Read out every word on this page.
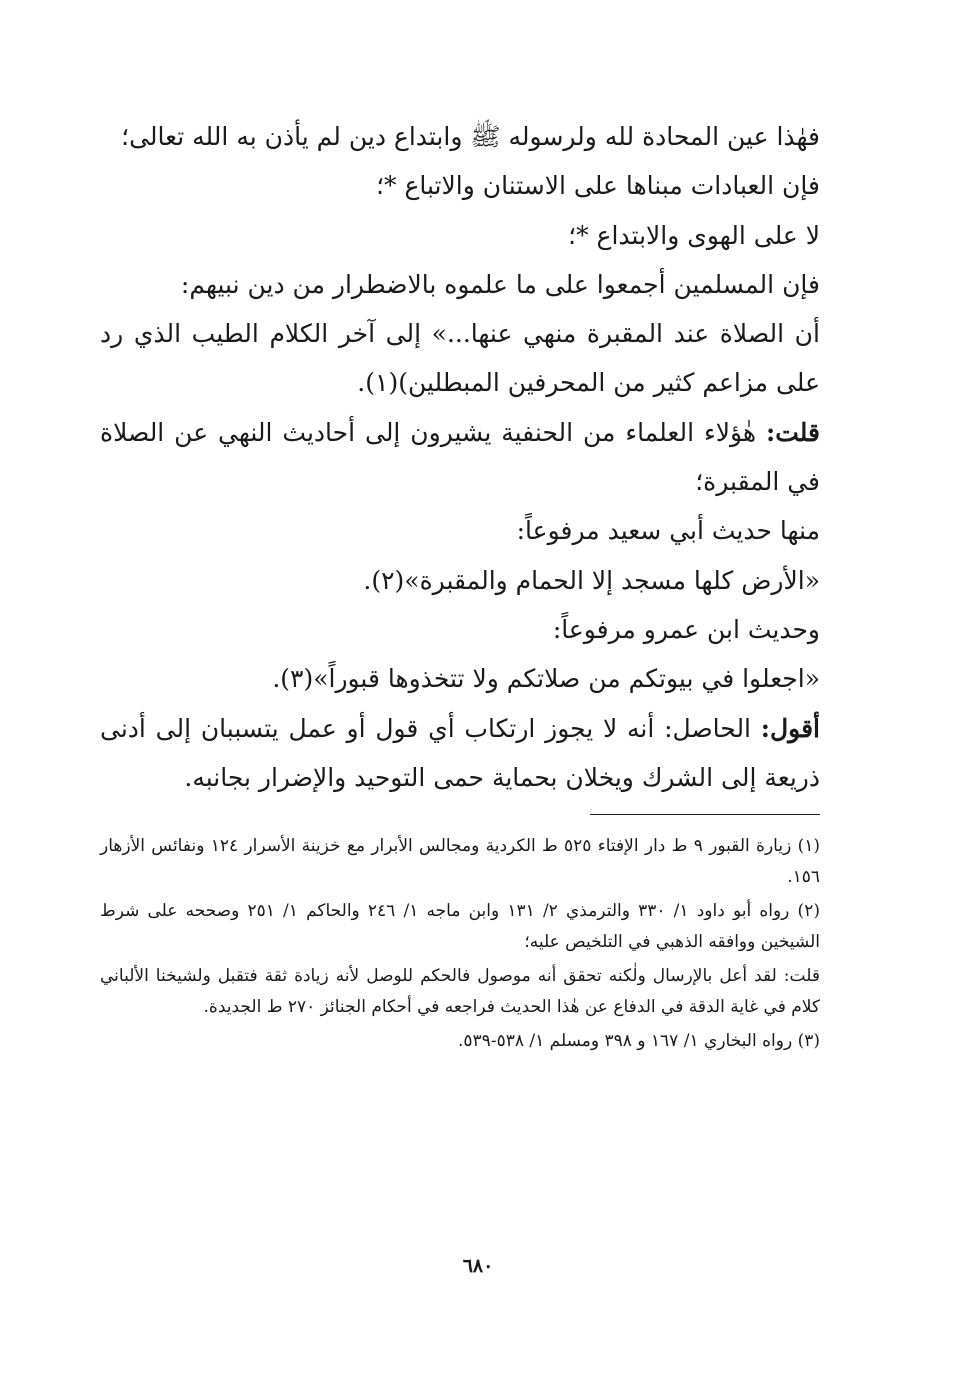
فهٰذا عين المحادة لله ولرسوله ﷺ وابتداع دين لم يأذن به الله تعالى؛

فإن العبادات مبناها على الاستنان والاتباع *؛

لا على الهوى والابتداع *؛

فإن المسلمين أجمعوا على ما علموه بالاضطرار من دين نبيهم:

أن الصلاة عند المقبرة منهي عنها...» إلى آخر الكلام الطيب الذي رد على مزاعم كثير من المحرفين المبطلين)(١).

قلت: هٰؤلاء العلماء من الحنفية يشيرون إلى أحاديث النهي عن الصلاة في المقبرة؛

منها حديث أبي سعيد مرفوعاً:

«الأرض كلها مسجد إلا الحمام والمقبرة»(٢).

وحديث ابن عمرو مرفوعاً:

«اجعلوا في بيوتكم من صلاتكم ولا تتخذوها قبوراً»(٣).

أقول: الحاصل: أنه لا يجوز ارتكاب أي قول أو عمل يتسببان إلى أدنى ذريعة إلى الشرك ويخلان بحماية حمى التوحيد والإضرار بجانبه.

(١) زيارة القبور ٩ ط دار الإفتاء ٥٢٥ ط الكردية ومجالس الأبرار مع خزينة الأسرار ١٢٤ ونفائس الأزهار ١٥٦.

(٢) رواه أبو داود ١/ ٣٣٠ والترمذي ٢/ ١٣١ وابن ماجه ١/ ٢٤٦ والحاكم ١/ ٢٥١ وصححه على شرط الشيخين ووافقه الذهبي في التلخيص عليه؛

قلت: لقد أعل بالإرسال ولٰكنه تحقق أنه موصول فالحكم للوصل لأنه زيادة ثقة فتقبل ولشيخنا الألباني كلام في غاية الدقة في الدفاع عن هٰذا الحديث فراجعه في أحكام الجنائز ٢٧٠ ط الجديدة.

(٣) رواه البخاري ١/ ١٦٧ و ٣٩٨ ومسلم ١/ ٥٣٨-٥٣٩.

٦٨٠
